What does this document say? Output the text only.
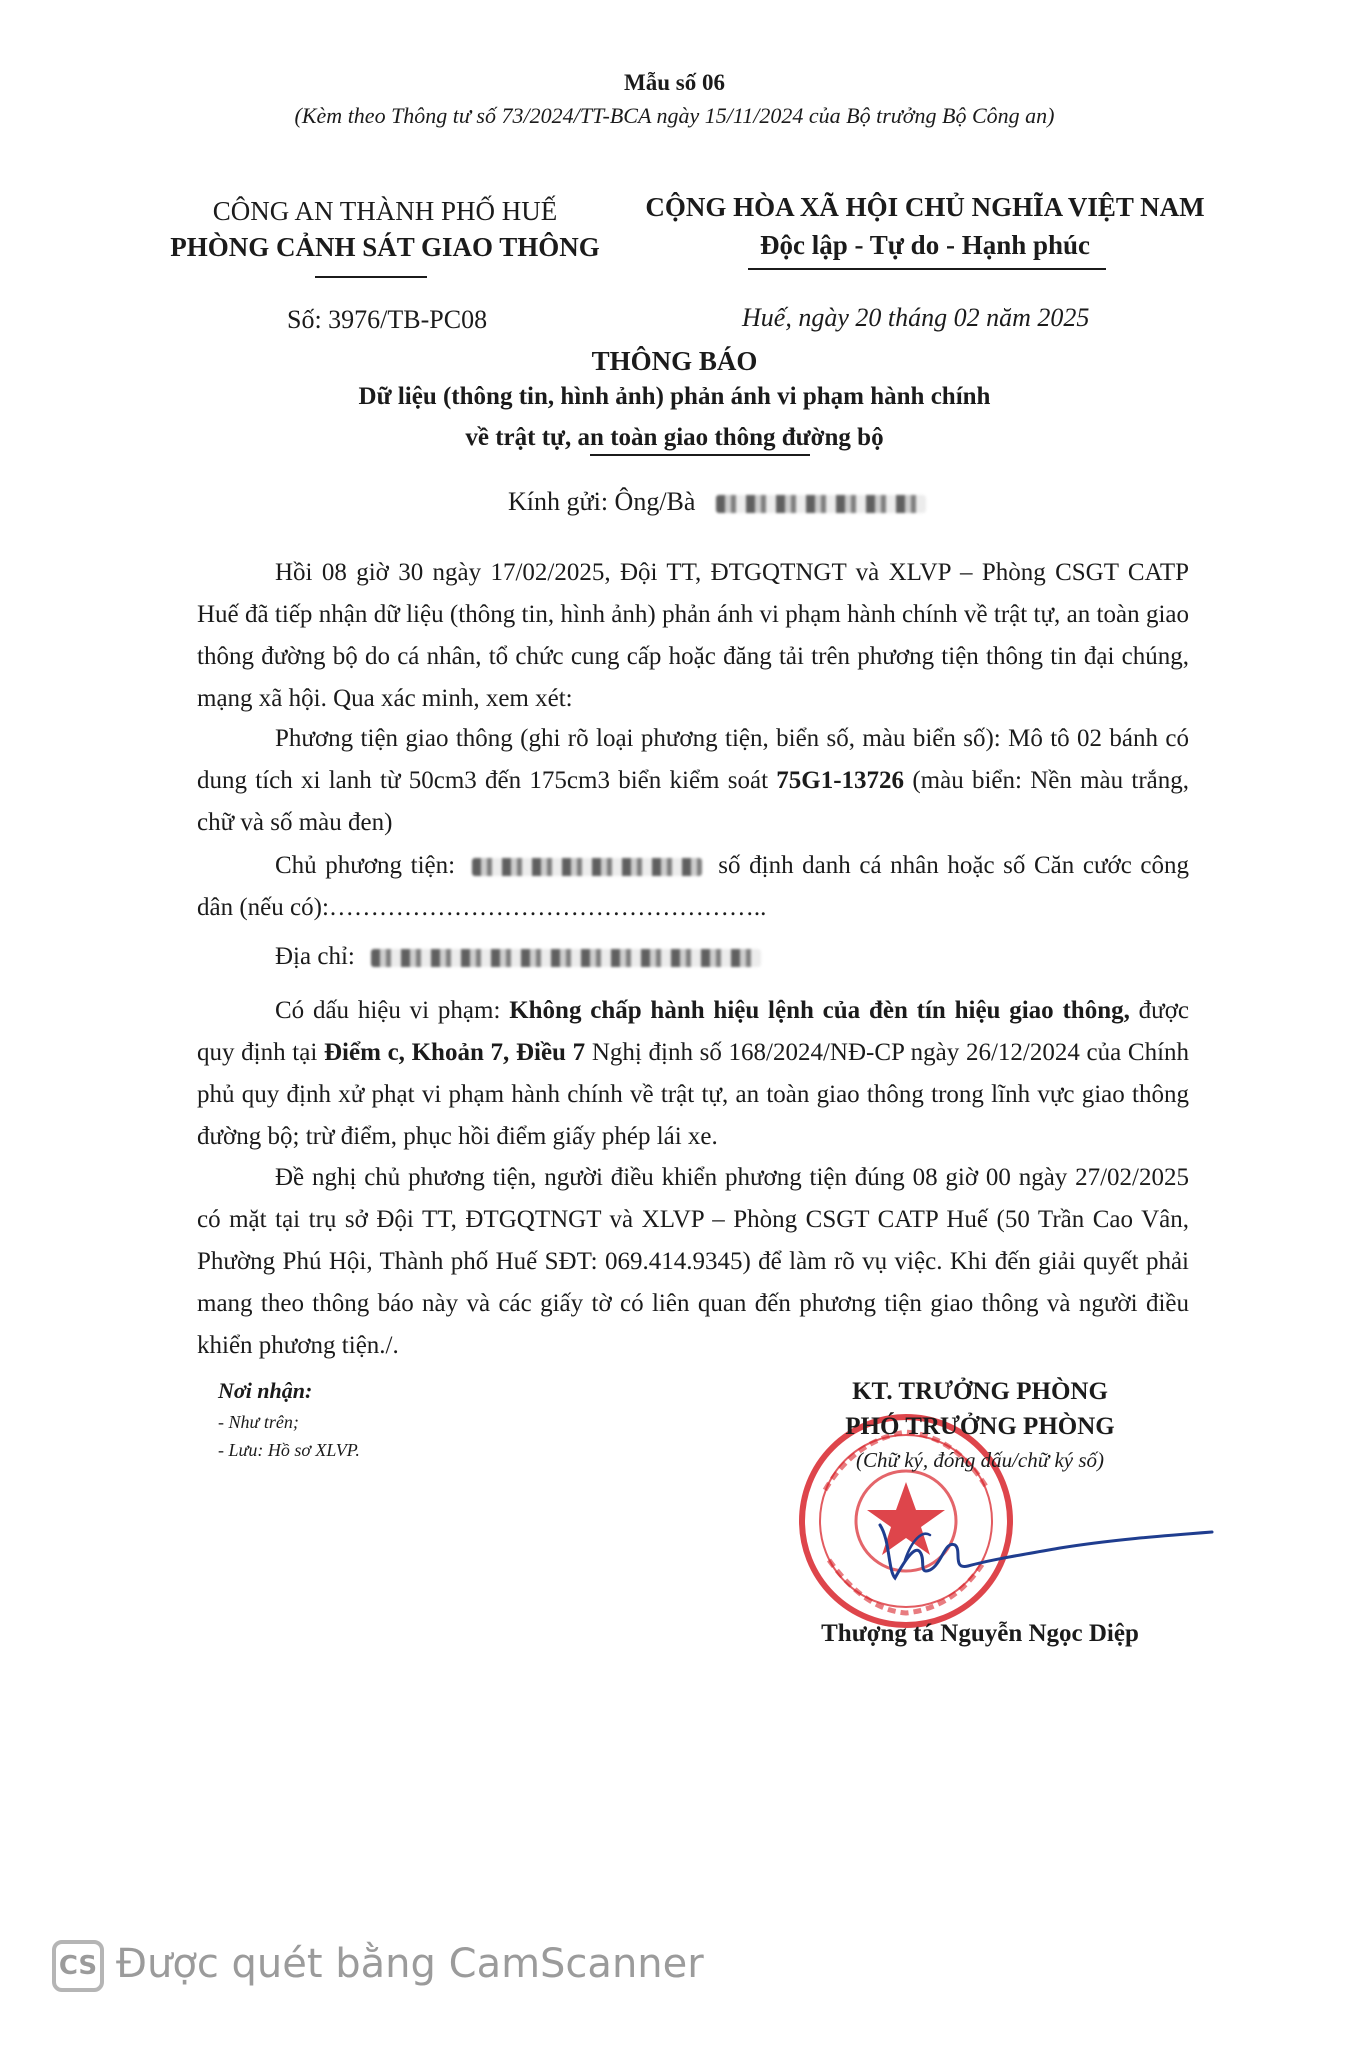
Mẫu số 06
(Kèm theo Thông tư số 73/2024/TT-BCA ngày 15/11/2024 của Bộ trưởng Bộ Công an)
CÔNG AN THÀNH PHỐ HUẾ
PHÒNG CẢNH SÁT GIAO THÔNG
CỘNG HÒA XÃ HỘI CHỦ NGHĨA VIỆT NAM
Độc lập - Tự do - Hạnh phúc
Số: 3976/TB-PC08	Huế, ngày 20 tháng 02 năm 2025
THÔNG BÁO
Dữ liệu (thông tin, hình ảnh) phản ánh vi phạm hành chính
về trật tự, an toàn giao thông đường bộ
Kính gửi: Ông/Bà
Hồi 08 giờ 30 ngày 17/02/2025, Đội TT, ĐTGQTNGT và XLVP – Phòng CSGT CATP Huế đã tiếp nhận dữ liệu (thông tin, hình ảnh) phản ánh vi phạm hành chính về trật tự, an toàn giao thông đường bộ do cá nhân, tổ chức cung cấp hoặc đăng tải trên phương tiện thông tin đại chúng, mạng xã hội. Qua xác minh, xem xét:
Phương tiện giao thông (ghi rõ loại phương tiện, biển số, màu biển số): Mô tô 02 bánh có dung tích xi lanh từ 50cm3 đến 175cm3 biển kiểm soát 75G1-13726 (màu biển: Nền màu trắng, chữ và số màu đen)
Chủ phương tiện:	số định danh cá nhân hoặc số Căn cước công dân (nếu có):……………………………………………..
Địa chỉ:
Có dấu hiệu vi phạm: Không chấp hành hiệu lệnh của đèn tín hiệu giao thông, được quy định tại Điểm c, Khoản 7, Điều 7 Nghị định số 168/2024/NĐ-CP ngày 26/12/2024 của Chính phủ quy định xử phạt vi phạm hành chính về trật tự, an toàn giao thông trong lĩnh vực giao thông đường bộ; trừ điểm, phục hồi điểm giấy phép lái xe.
Đề nghị chủ phương tiện, người điều khiển phương tiện đúng 08 giờ 00 ngày 27/02/2025 có mặt tại trụ sở Đội TT, ĐTGQTNGT và XLVP – Phòng CSGT CATP Huế (50 Trần Cao Vân, Phường Phú Hội, Thành phố Huế SĐT: 069.414.9345) để làm rõ vụ việc. Khi đến giải quyết phải mang theo thông báo này và các giấy tờ có liên quan đến phương tiện giao thông và người điều khiển phương tiện./.
Nơi nhận:
- Như trên;
- Lưu: Hồ sơ XLVP.
KT. TRƯỞNG PHÒNG
PHÓ TRƯỞNG PHÒNG
(Chữ ký, đóng dấu/chữ ký số)
Thượng tá Nguyễn Ngọc Diệp
CS Được quét bằng CamScanner
